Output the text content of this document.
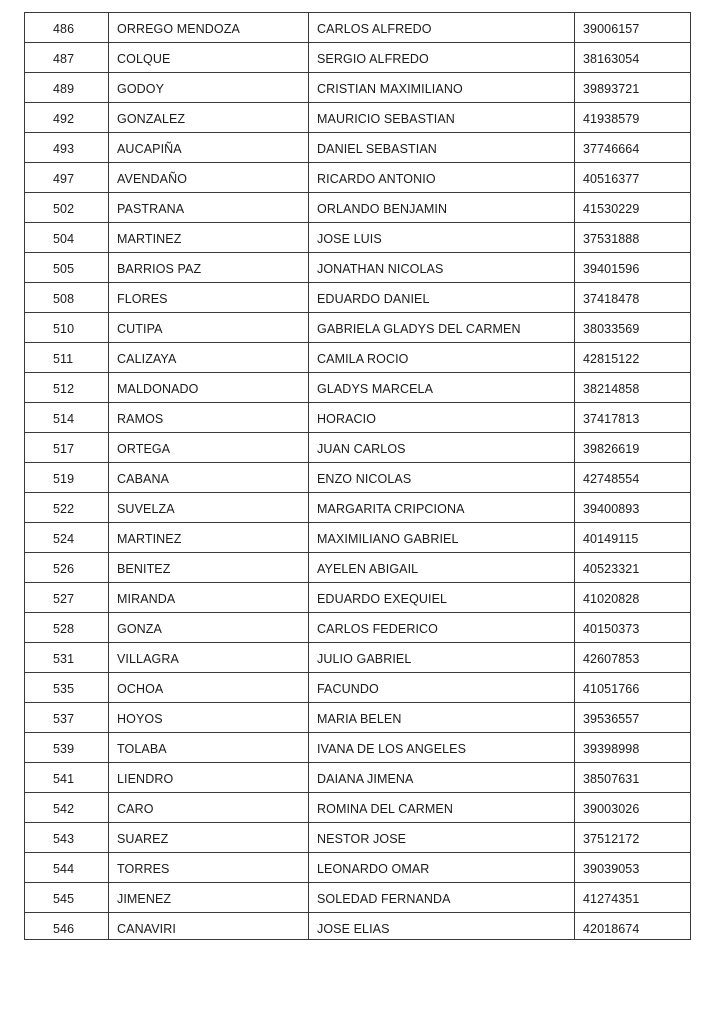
486	ORREGO MENDOZA	CARLOS ALFREDO	39006157
487	COLQUE	SERGIO ALFREDO	38163054
489	GODOY	CRISTIAN MAXIMILIANO	39893721
492	GONZALEZ	MAURICIO SEBASTIAN	41938579
493	AUCAPIÑA	DANIEL SEBASTIAN	37746664
497	AVENDAÑO	RICARDO ANTONIO	40516377
502	PASTRANA	ORLANDO BENJAMIN	41530229
504	MARTINEZ	JOSE LUIS	37531888
505	BARRIOS PAZ	JONATHAN NICOLAS	39401596
508	FLORES	EDUARDO DANIEL	37418478
510	CUTIPA	GABRIELA GLADYS DEL CARMEN	38033569
511	CALIZAYA	CAMILA ROCIO	42815122
512	MALDONADO	GLADYS MARCELA	38214858
514	RAMOS	HORACIO	37417813
517	ORTEGA	JUAN CARLOS	39826619
519	CABANA	ENZO NICOLAS	42748554
522	SUVELZA	MARGARITA CRIPCIONA	39400893
524	MARTINEZ	MAXIMILIANO GABRIEL	40149115
526	BENITEZ	AYELEN ABIGAIL	40523321
527	MIRANDA	EDUARDO EXEQUIEL	41020828
528	GONZA	CARLOS FEDERICO	40150373
531	VILLAGRA	JULIO GABRIEL	42607853
535	OCHOA	FACUNDO	41051766
537	HOYOS	MARIA BELEN	39536557
539	TOLABA	IVANA DE LOS ANGELES	39398998
541	LIENDRO	DAIANA JIMENA	38507631
542	CARO	ROMINA DEL CARMEN	39003026
543	SUAREZ	NESTOR JOSE	37512172
544	TORRES	LEONARDO OMAR	39039053
545	JIMENEZ	SOLEDAD FERNANDA	41274351
546	CANAVIRI	JOSE ELIAS	42018674
